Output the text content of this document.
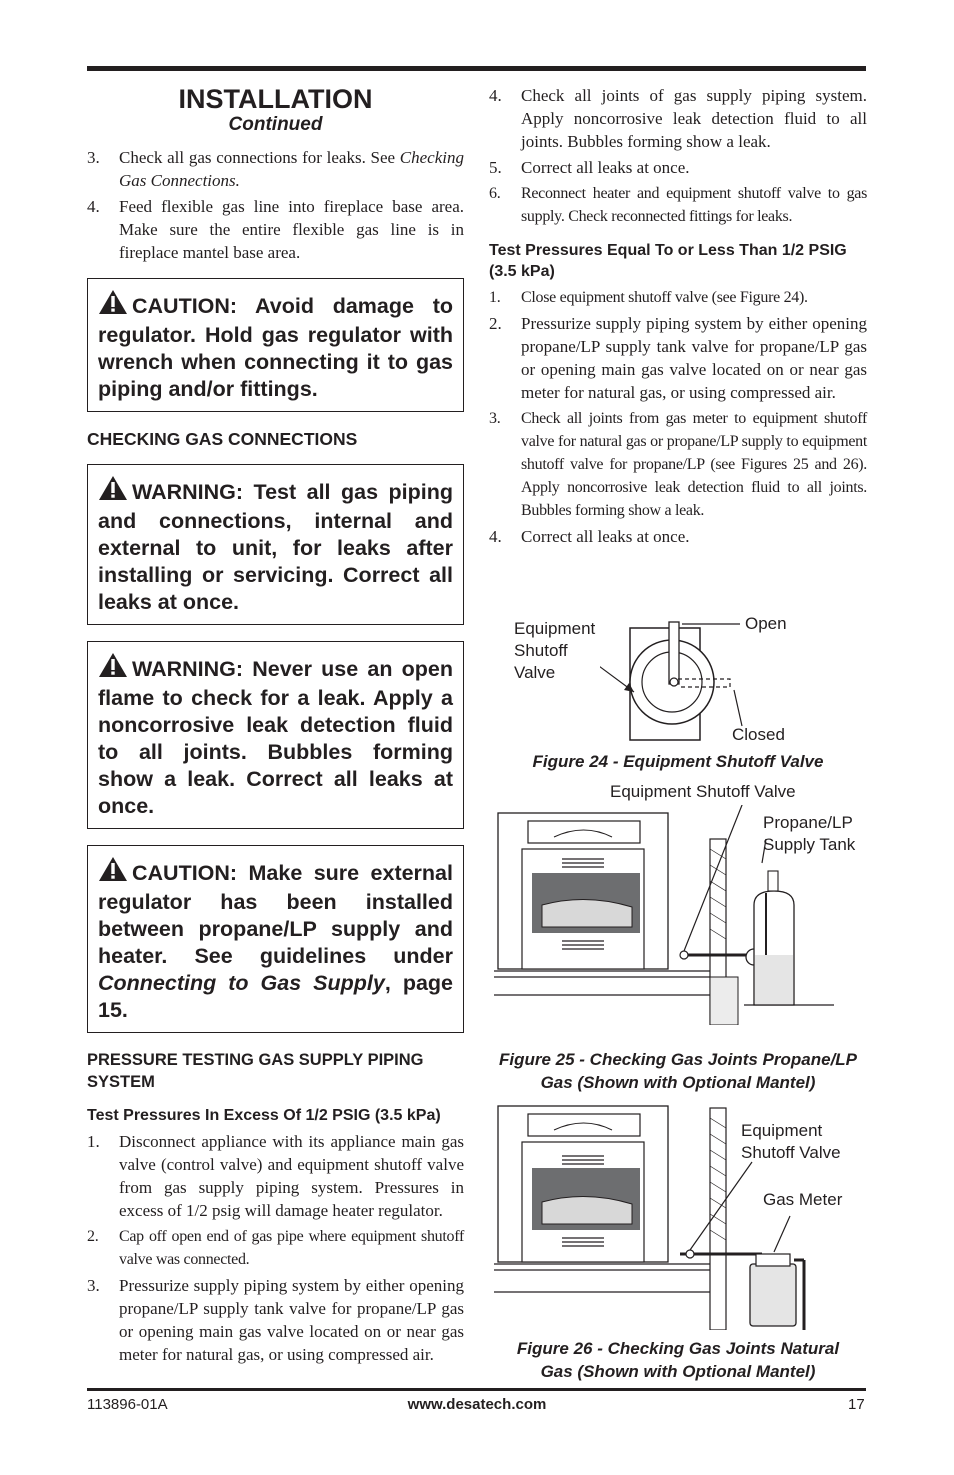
INSTALLATION
Continued
3. Check all gas connections for leaks. See Checking Gas Connections.
4. Feed flexible gas line into fireplace base area. Make sure the entire flexible gas line is in fireplace mantel base area.
CAUTION: Avoid damage to regulator. Hold gas regulator with wrench when connecting it to gas piping and/or fittings.
CHECKING GAS CONNECTIONS
WARNING: Test all gas piping and connections, internal and external to unit, for leaks after installing or servicing. Correct all leaks at once.
WARNING: Never use an open flame to check for a leak. Apply a noncorrosive leak detection fluid to all joints. Bubbles forming show a leak. Correct all leaks at once.
CAUTION: Make sure external regulator has been installed between propane/LP supply and heater. See guidelines under Connecting to Gas Supply, page 15.
PRESSURE TESTING GAS SUPPLY PIPING SYSTEM
Test Pressures In Excess Of 1/2 PSIG (3.5 kPa)
1. Disconnect appliance with its appliance main gas valve (control valve) and equipment shutoff valve from gas supply piping system. Pressures in excess of 1/2 psig will damage heater regulator.
2. Cap off open end of gas pipe where equipment shutoff valve was connected.
3. Pressurize supply piping system by either opening propane/LP supply tank valve for propane/LP gas or opening main gas valve located on or near gas meter for natural gas, or using compressed air.
4. Check all joints of gas supply piping system. Apply noncorrosive leak detection fluid to all joints. Bubbles forming show a leak.
5. Correct all leaks at once.
6. Reconnect heater and equipment shutoff valve to gas supply. Check reconnected fittings for leaks.
Test Pressures Equal To or Less Than 1/2 PSIG (3.5 kPa)
1. Close equipment shutoff valve (see Figure 24).
2. Pressurize supply piping system by either opening propane/LP supply tank valve for propane/LP gas or opening main gas valve located on or near gas meter for natural gas, or using compressed air.
3. Check all joints from gas meter to equipment shutoff valve for natural gas or propane/LP supply to equipment shutoff valve for propane/LP (see Figures 25 and 26). Apply noncorrosive leak detection fluid to all joints. Bubbles forming show a leak.
4. Correct all leaks at once.
Equipment
Shutoff
Valve
Open
Closed
Figure 24 - Equipment Shutoff Valve
Equipment Shutoff Valve
Propane/LP
Supply Tank
Figure 25 - Checking Gas Joints Propane/LP
Gas (Shown with Optional Mantel)
Equipment
Shutoff Valve
Gas Meter
Figure 26 - Checking Gas Joints Natural
Gas (Shown with Optional Mantel)
113896-01A	www.desatech.com	17
